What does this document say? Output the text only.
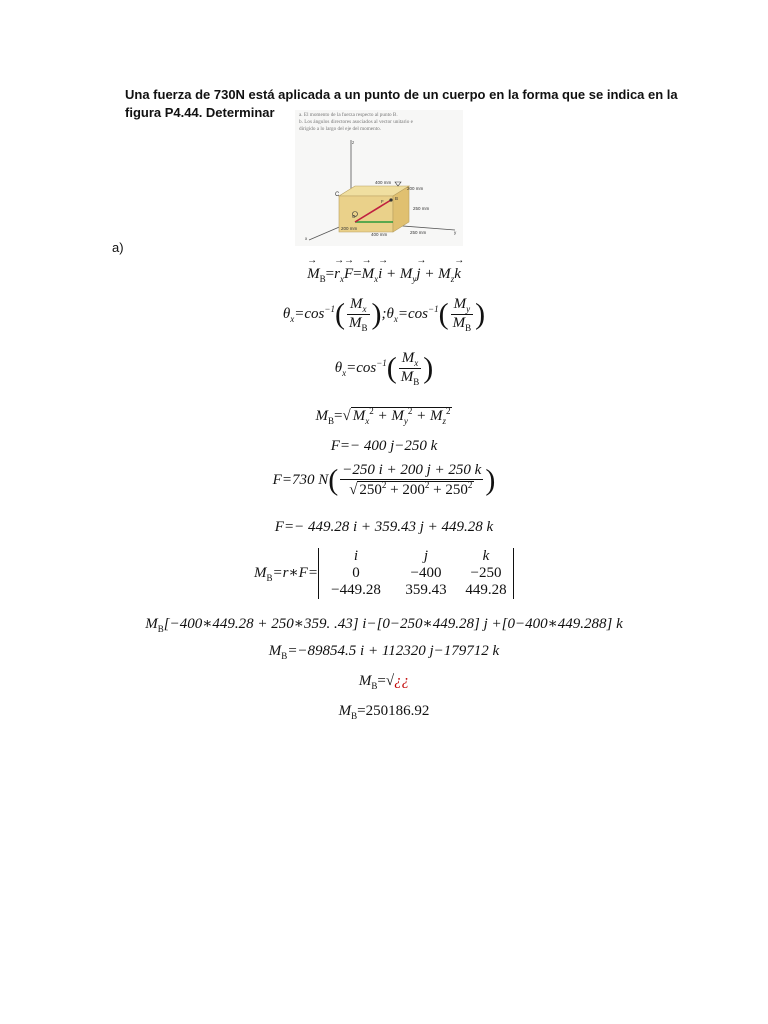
Una fuerza de 730N está aplicada a un punto de un cuerpo en la forma que se indica en la
figura P4.44. Determinar	a. El momento de la fuerza respecto al punto B.
b. Los ángulos directores asociados al vector unitario e
dirigido a lo largo del eje del momento.
400 mm
200 mm
250 mm
200 mm
400 mm	250 mm
z
x
y
C
B
O
F
a)
→ $M_B=\to r_x\to F=\to M_x\to i + M_y\to j + M_z\to k$
$\theta_x=\cos^{-1}( \frac{M_x}{M_B}$ )$;\theta_x=\cos^{-1}( \frac{M_y}{M_B}$ )
$\theta_x=\cos^{-1}( \frac{M_x}{M_B}$ )
$M_B=√$ $M_x^2 + M_y^2 + M_z^2$
F=− 400 j−250 k
F=730 $N( \frac{-250 i + 200 j + 250 k}{√ 250^2 + 200^2 + 250^2}$ )
F=− 449.28 i + 359.43 j + 449.28 k
$M_B=r∗F=$
i	j	k
0	−400	−250
−449.28	359.43	449.28
$M_B[-400∗449.28$ + 250∗359. .43] i−[0−250∗449.28] j +[0−400∗449.288] k
$M_B=-89854.5$ i + 112320 j−179712 k
$M_B=√¿¿$
$M_B=250186.92$
